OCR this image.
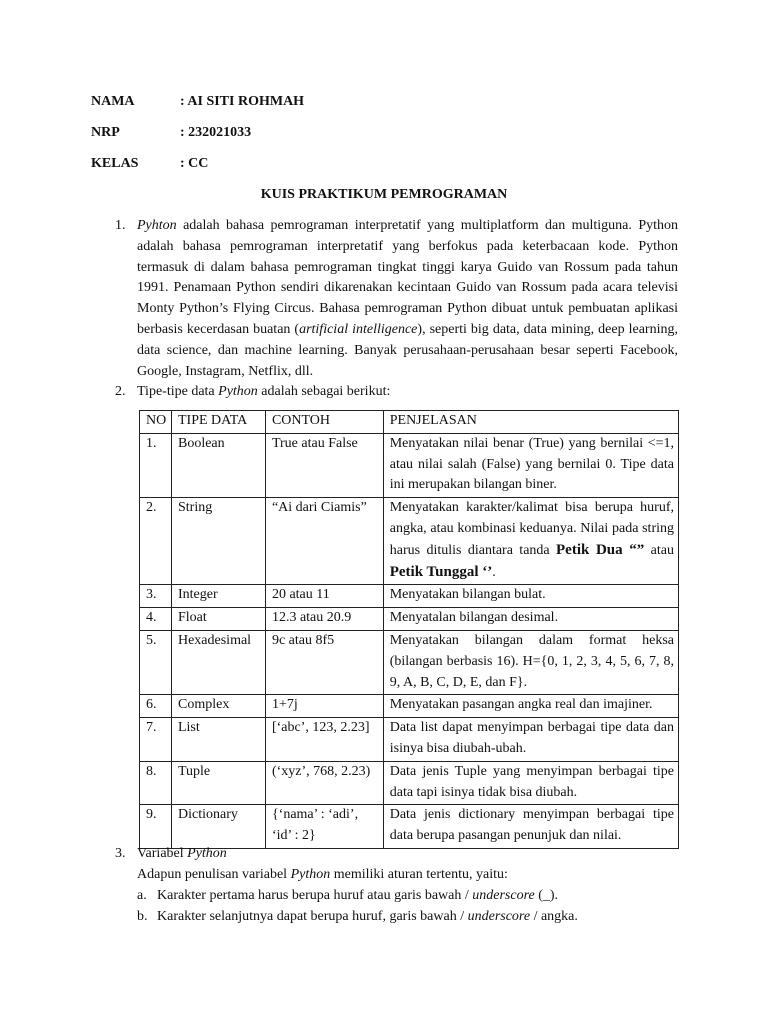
NAMA	: AI SITI ROHMAH
NRP	: 232021033
KELAS	: CC
KUIS PRAKTIKUM PEMROGRAMAN
1. Pyhton adalah bahasa pemrograman interpretatif yang multiplatform dan multiguna. Python adalah bahasa pemrograman interpretatif yang berfokus pada keterbacaan kode. Python termasuk di dalam bahasa pemrograman tingkat tinggi karya Guido van Rossum pada tahun 1991. Penamaan Python sendiri dikarenakan kecintaan Guido van Rossum pada acara televisi Monty Python’s Flying Circus. Bahasa pemrograman Python dibuat untuk pembuatan aplikasi berbasis kecerdasan buatan (artificial intelligence), seperti big data, data mining, deep learning, data science, dan machine learning. Banyak perusahaan-perusahaan besar seperti Facebook, Google, Instagram, Netflix, dll.

2. Tipe-tipe data Python adalah sebagai berikut:
NO	TIPE DATA	CONTOH	PENJELASAN
1.	Boolean	True atau False	Menyatakan nilai benar (True) yang bernilai <=1, atau nilai salah (False) yang bernilai 0. Tipe data ini merupakan bilangan biner.
2.	String	“Ai dari Ciamis”	Menyatakan karakter/kalimat bisa berupa huruf, angka, atau kombinasi keduanya. Nilai pada string harus ditulis diantara tanda Petik Dua “” atau Petik Tunggal ‘’.
3.	Integer	20 atau 11	Menyatakan bilangan bulat.
4.	Float	12.3 atau 20.9	Menyatalan bilangan desimal.
5.	Hexadesimal	9c atau 8f5	Menyatakan bilangan dalam format heksa (bilangan berbasis 16). H={0, 1, 2, 3, 4, 5, 6, 7, 8, 9, A, B, C, D, E, dan F}.
6.	Complex	1+7j	Menyatakan pasangan angka real dan imajiner.
7.	List	[‘abc’, 123, 2.23]	Data list dapat menyimpan berbagai tipe data dan isinya bisa diubah-ubah.
8.	Tuple	(‘xyz’, 768, 2.23)	Data jenis Tuple yang menyimpan berbagai tipe data tapi isinya tidak bisa diubah.
9.	Dictionary	{‘nama’ : ‘adi’, ‘id’ : 2}	Data jenis dictionary menyimpan berbagai tipe data berupa pasangan penunjuk dan nilai.
3. Variabel Python
Adapun penulisan variabel Python memiliki aturan tertentu, yaitu:
a. Karakter pertama harus berupa huruf atau garis bawah / underscore (_).
b. Karakter selanjutnya dapat berupa huruf, garis bawah / underscore / angka.
